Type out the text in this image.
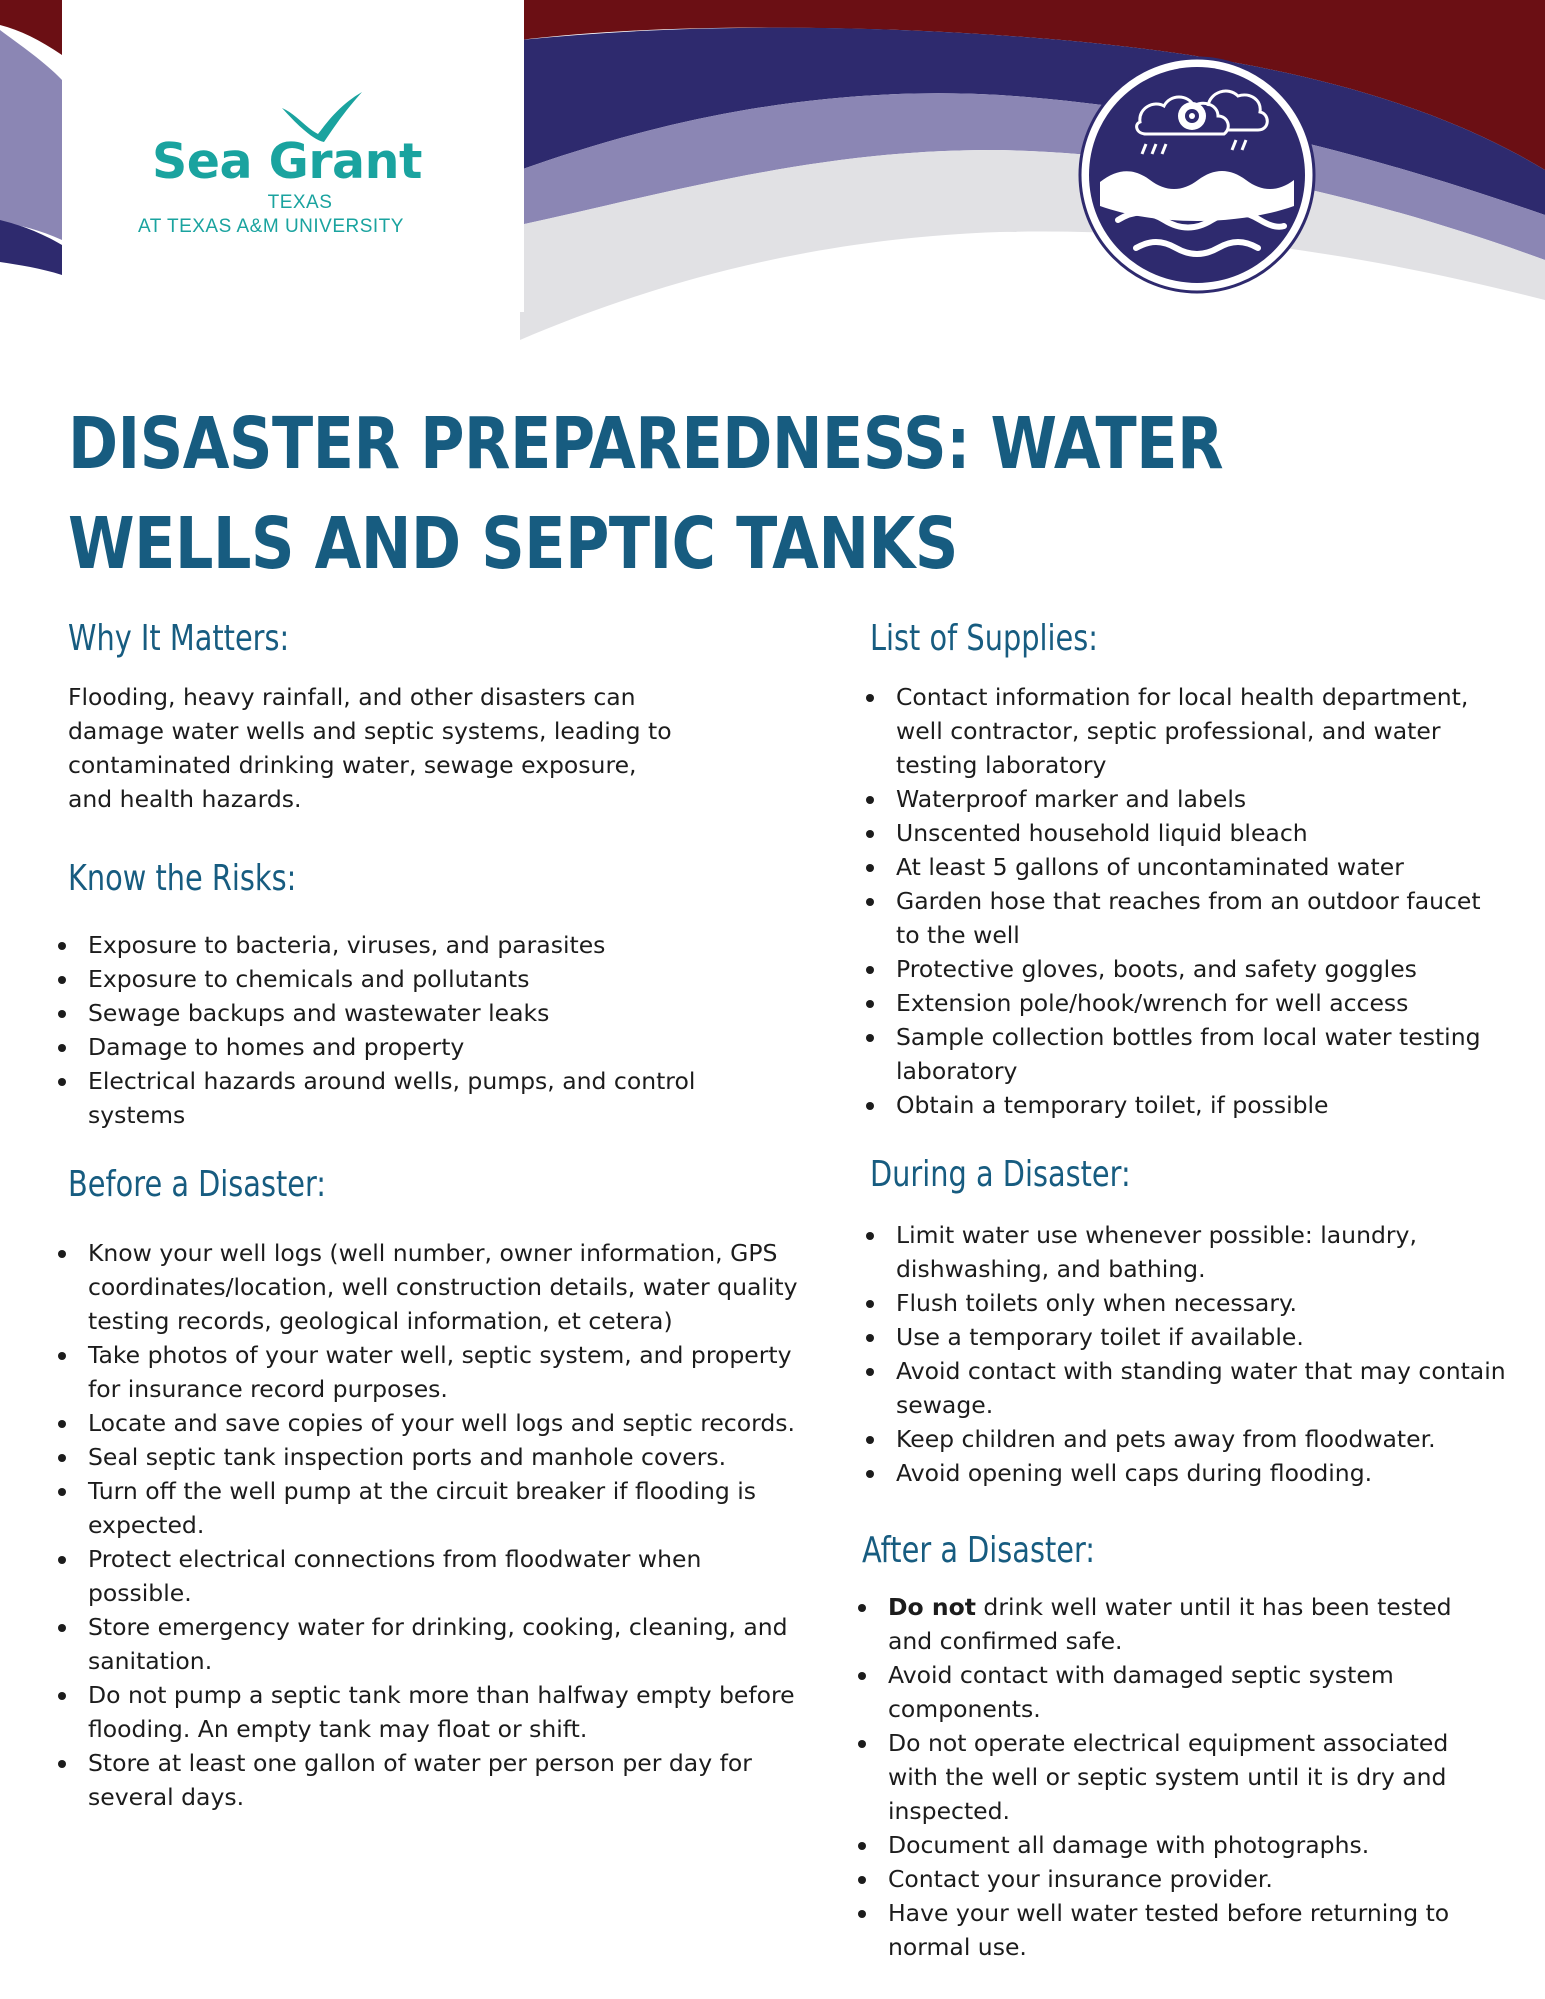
Sea Grant
TEXAS
AT TEXAS A&M UNIVERSITY
DISASTER PREPAREDNESS: WATER WELLS AND SEPTIC TANKS
Why It Matters:

Flooding, heavy rainfall, and other disasters can damage water wells and septic systems, leading to contaminated drinking water, sewage exposure, and health hazards.

Know the Risks:
Exposure to bacteria, viruses, and parasites
Exposure to chemicals and pollutants
Sewage backups and wastewater leaks
Damage to homes and property
Electrical hazards around wells, pumps, and control systems
Before a Disaster:
Know your well logs (well number, owner information, GPS coordinates/location, well construction details, water quality testing records, geological information, et cetera)
Take photos of your water well, septic system, and property for insurance record purposes.
Locate and save copies of your well logs and septic records.
Seal septic tank inspection ports and manhole covers.
Turn off the well pump at the circuit breaker if flooding is expected.
Protect electrical connections from floodwater when possible.
Store emergency water for drinking, cooking, cleaning, and sanitation.
Do not pump a septic tank more than halfway empty before flooding. An empty tank may float or shift.
Store at least one gallon of water per person per day for several days.
List of Supplies:
Contact information for local health department, well contractor, septic professional, and water testing laboratory
Waterproof marker and labels
Unscented household liquid bleach
At least 5 gallons of uncontaminated water
Garden hose that reaches from an outdoor faucet to the well
Protective gloves, boots, and safety goggles
Extension pole/hook/wrench for well access
Sample collection bottles from local water testing laboratory
Obtain a temporary toilet, if possible
During a Disaster:
Limit water use whenever possible: laundry, dishwashing, and bathing.
Flush toilets only when necessary.
Use a temporary toilet if available.
Avoid contact with standing water that may contain sewage.
Keep children and pets away from floodwater.
Avoid opening well caps during flooding.
After a Disaster:
Do not drink well water until it has been tested and confirmed safe.
Avoid contact with damaged septic system components.
Do not operate electrical equipment associated with the well or septic system until it is dry and inspected.
Document all damage with photographs.
Contact your insurance provider.
Have your well water tested before returning to normal use.
